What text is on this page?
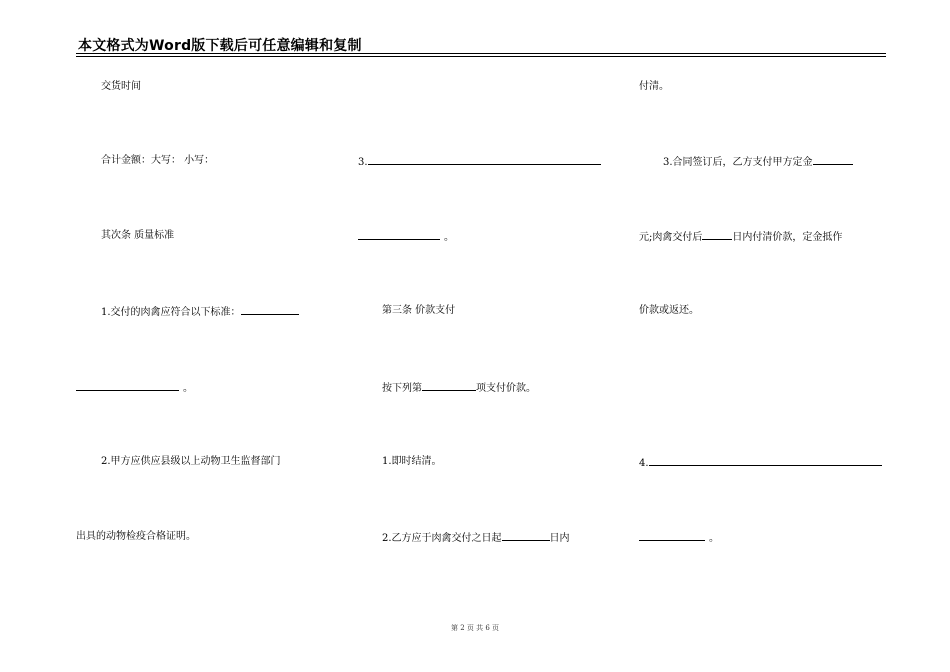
本文格式为Word版下载后可任意编辑和复制
交货时间
合计金额：大写： 小写：
其次条 质量标准
1.交付的肉禽应符合以下标准：
。
2.甲方应供应县级以上动物卫生监督部门
出具的动物检疫合格证明。
3.
。
第三条 价款支付
按下列第	项支付价款。
1.即时结清。
2.乙方应于肉禽交付之日起	日内
付清。
3.合同签订后，乙方支付甲方定金
元;肉禽交付后	日内付清价款，定金抵作
价款或返还。
4.
。
第 2 页 共 6 页
